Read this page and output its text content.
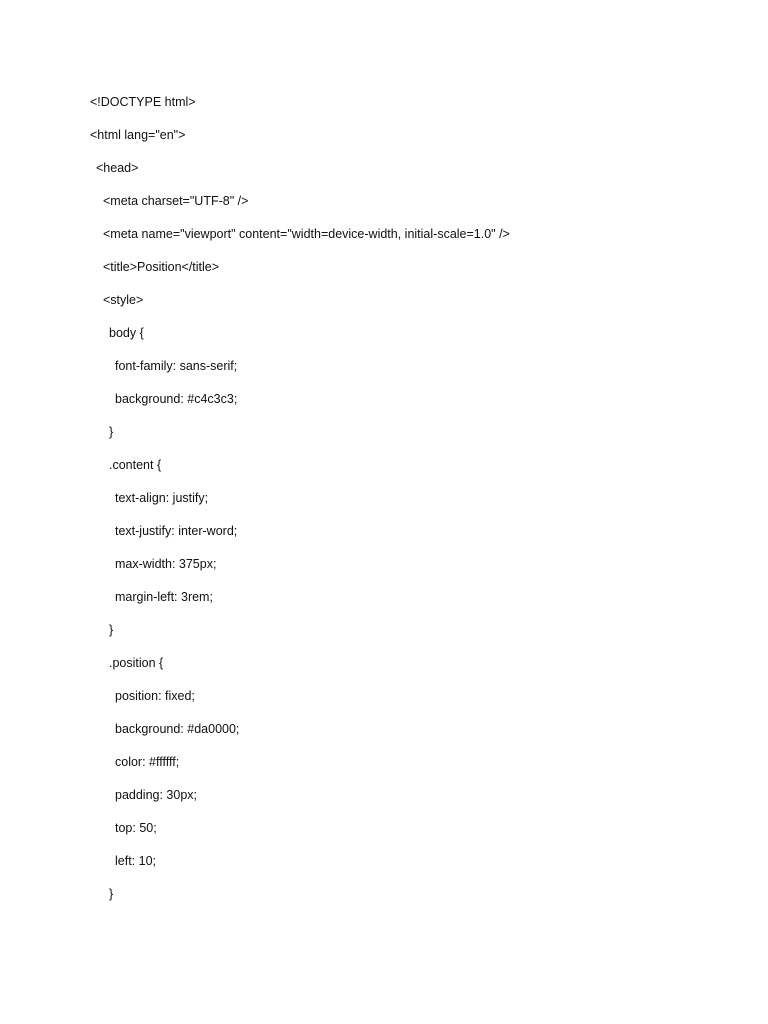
<!DOCTYPE html>
<html lang="en">
<head>
<meta charset="UTF-8" />
<meta name="viewport" content="width=device-width, initial-scale=1.0" />
<title>Position</title>
<style>
body {
font-family: sans-serif;
background: #c4c3c3;
}
.content {
text-align: justify;
text-justify: inter-word;
max-width: 375px;
margin-left: 3rem;
}
.position {
position: fixed;
background: #da0000;
color: #ffffff;
padding: 30px;
top: 50;
left: 10;
}
